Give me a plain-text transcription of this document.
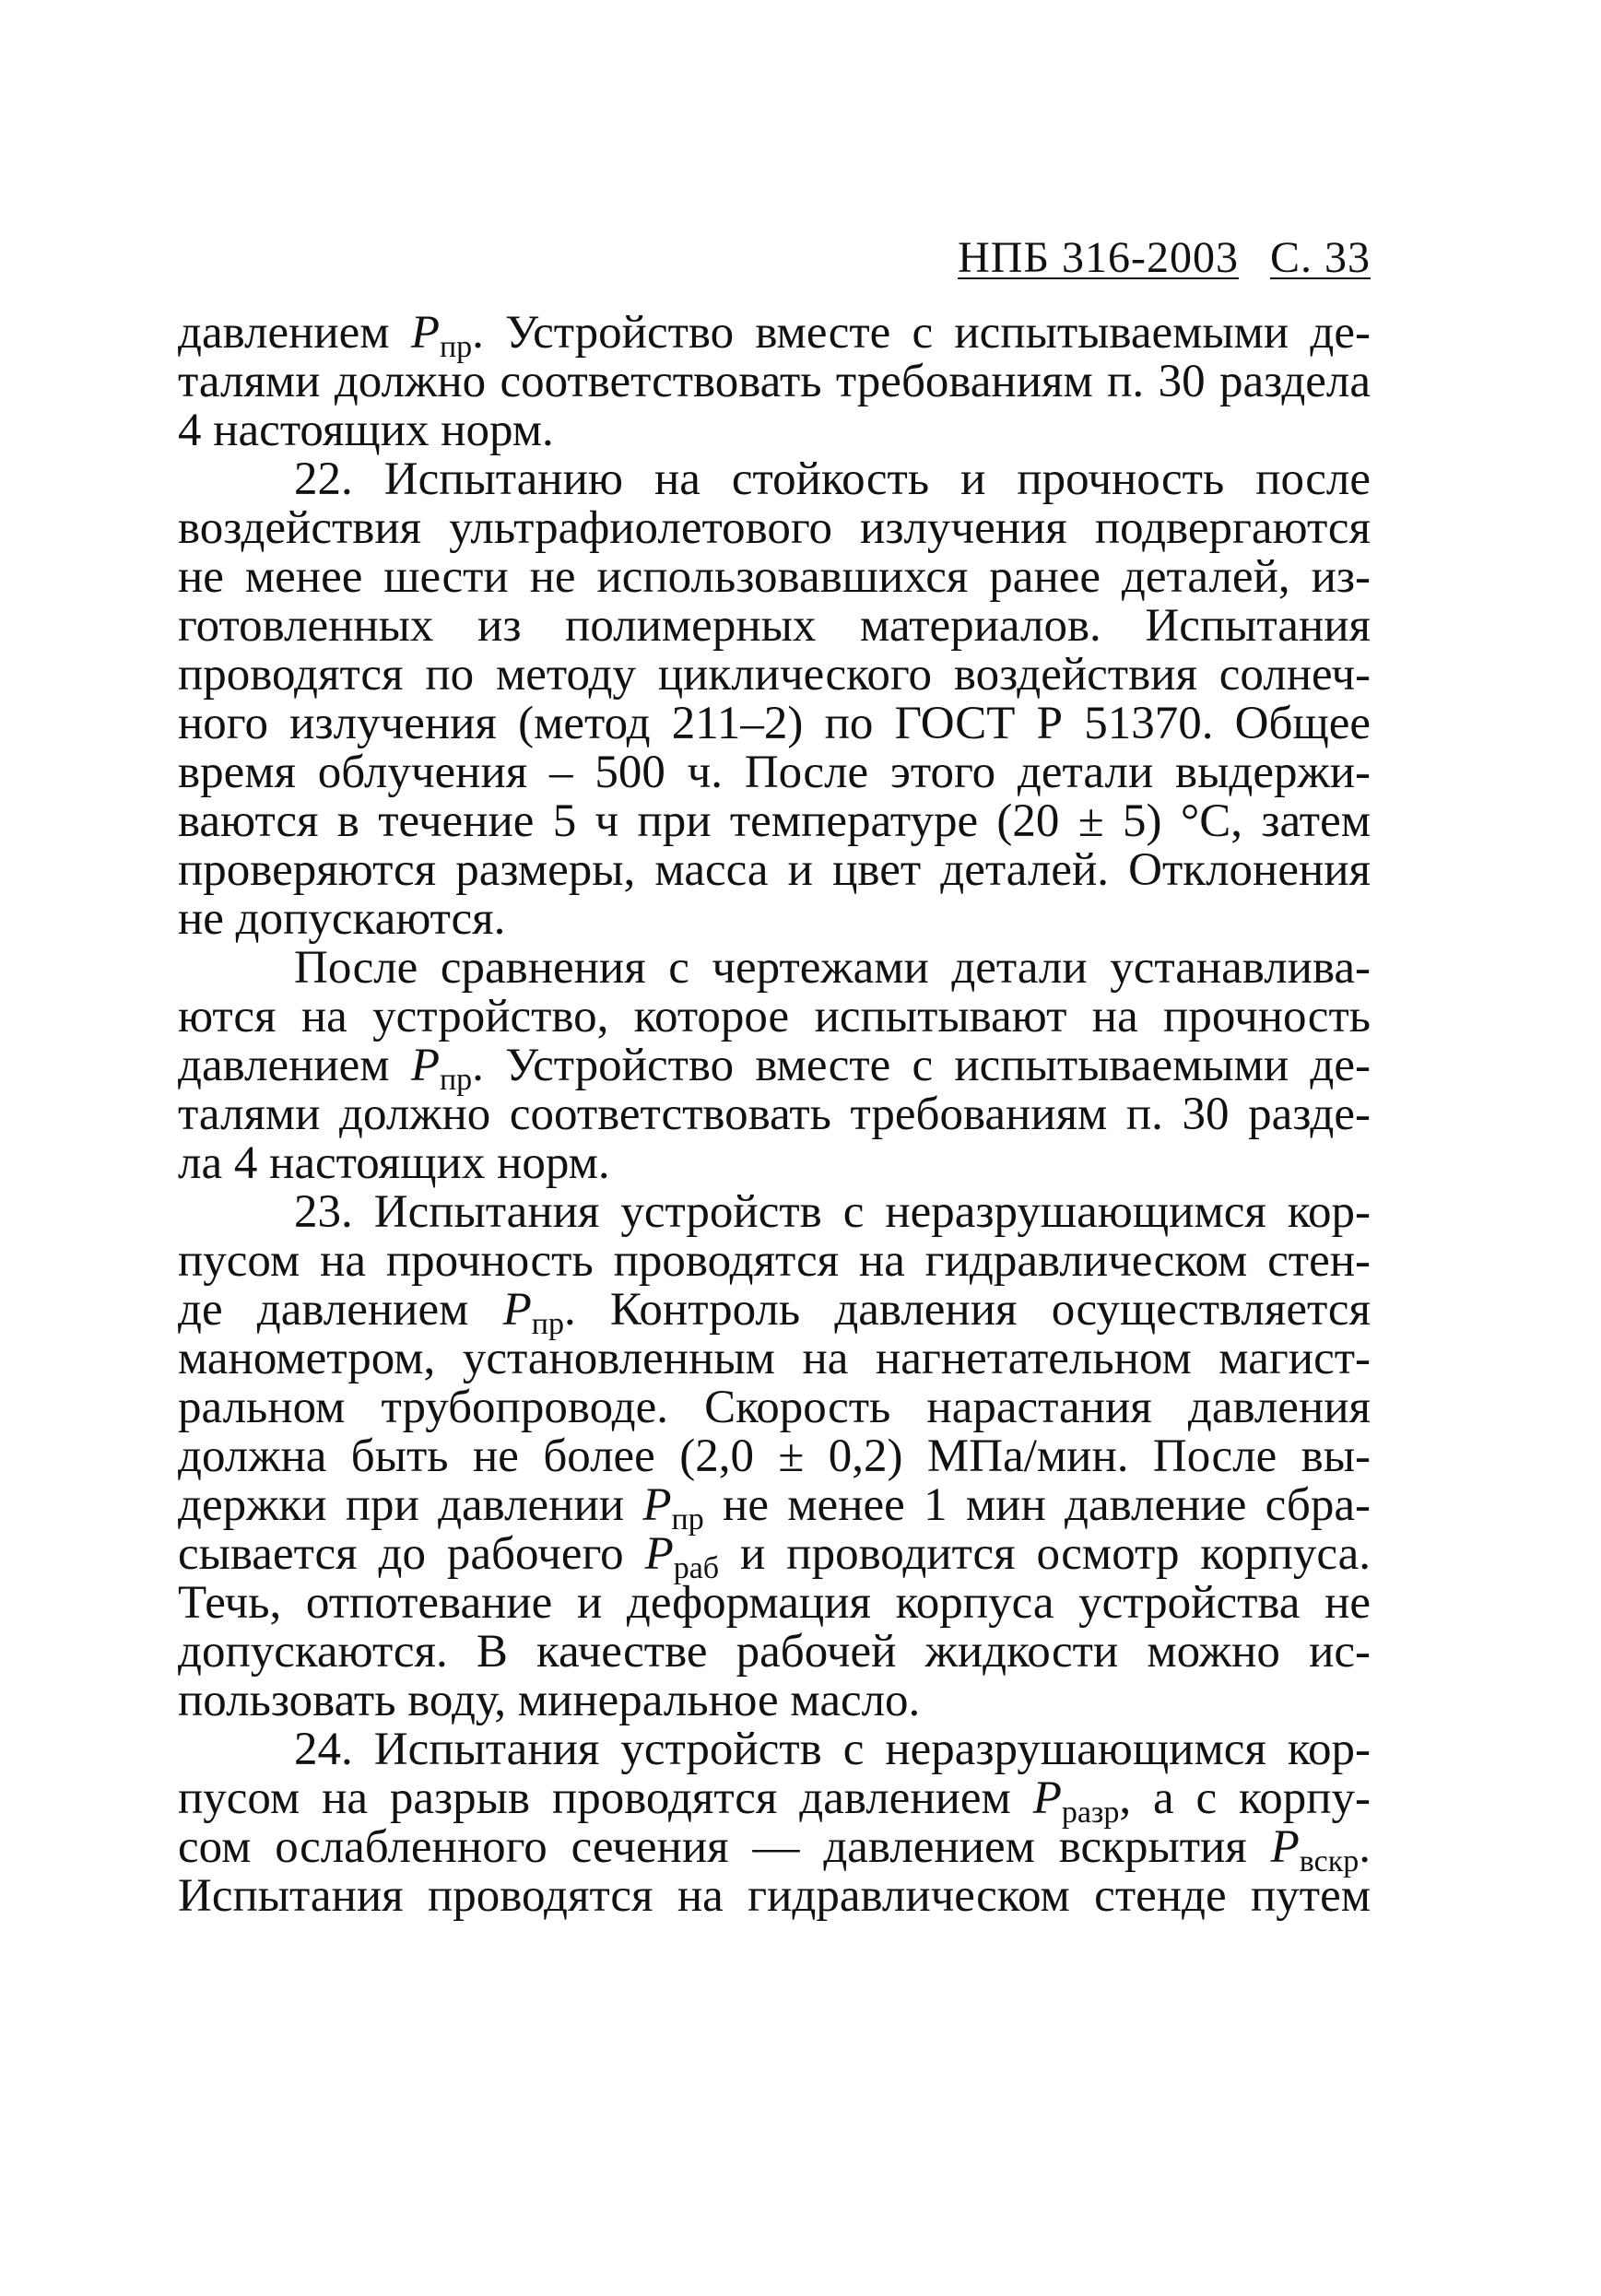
НПБ 316-2003 С. 33
давлением $P_{пр}$. Устройство вместе с испытываемыми де-
талями должно соответствовать требованиям п. 30 раздела
4 настоящих норм.
22. Испытанию на стойкость и прочность после
воздействия ультрафиолетового излучения подвергаются
не менее шести не использовавшихся ранее деталей, из-
готовленных из полимерных материалов. Испытания
проводятся по методу циклического воздействия солнеч-
ного излучения (метод 211–2) по ГОСТ Р 51370. Общее
время облучения – 500 ч. После этого детали выдержи-
ваются в течение 5 ч при температуре (20 ± 5) °С, затем
проверяются размеры, масса и цвет деталей. Отклонения
не допускаются.
После сравнения с чертежами детали устанавлива-
ются на устройство, которое испытывают на прочность
давлением $P_{пр}$. Устройство вместе с испытываемыми де-
талями должно соответствовать требованиям п. 30 разде-
ла 4 настоящих норм.
23. Испытания устройств с неразрушающимся кор-
пусом на прочность проводятся на гидравлическом стен-
де давлением $P_{пр}$. Контроль давления осуществляется
манометром, установленным на нагнетательном магист-
ральном трубопроводе. Скорость нарастания давления
должна быть не более (2,0 ± 0,2) МПа/мин. После вы-
держки при давлении $P_{пр}$ не менее 1 мин давление сбра-
сывается до рабочего $P_{раб}$ и проводится осмотр корпуса.
Течь, отпотевание и деформация корпуса устройства не
допускаются. В качестве рабочей жидкости можно ис-
пользовать воду, минеральное масло.
24. Испытания устройств с неразрушающимся кор-
пусом на разрыв проводятся давлением $P_{разр}$, а с корпу-
сом ослабленного сечения — давлением вскрытия $P_{вскр}$.
Испытания проводятся на гидравлическом стенде путем
